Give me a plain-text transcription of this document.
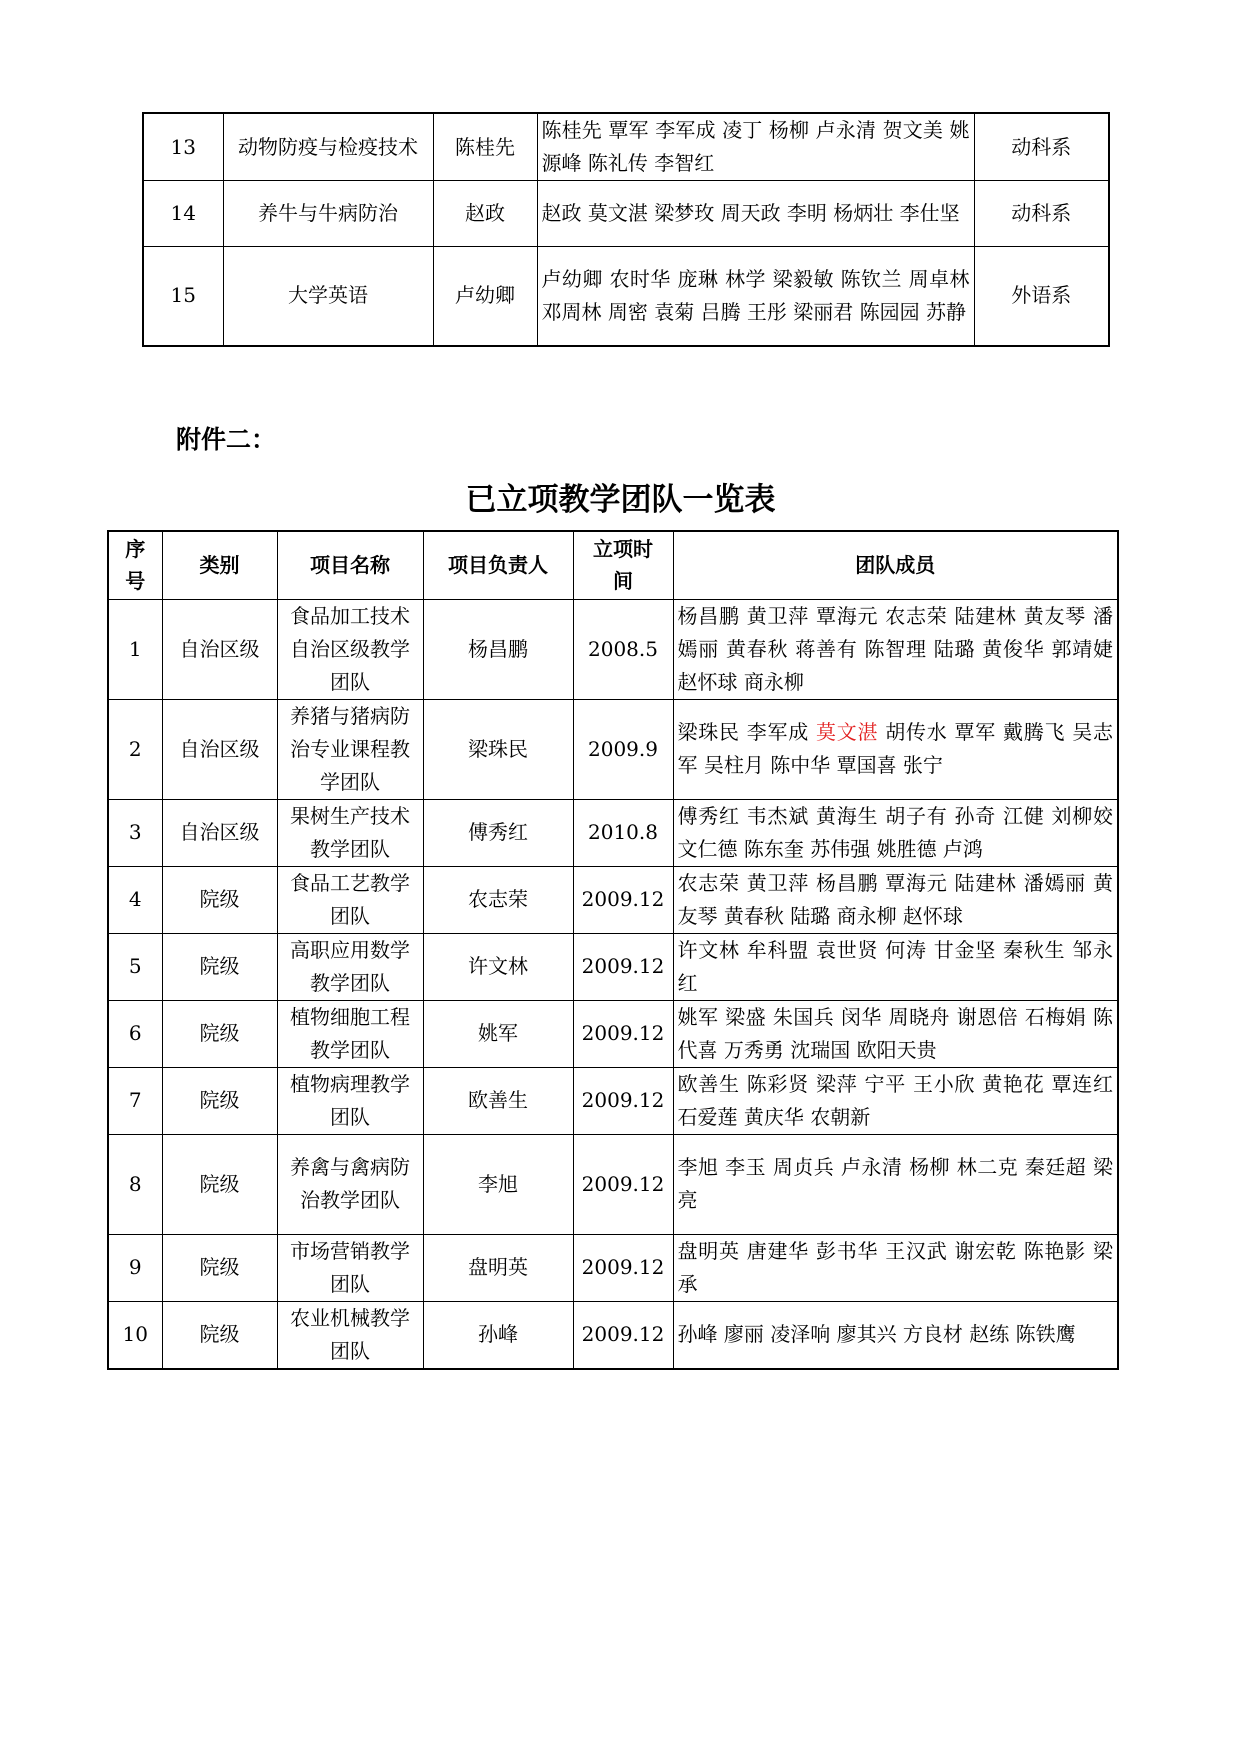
13	动物防疫与检疫技术	陈桂先	陈桂先 覃军 李军成 凌丁 杨柳 卢永清 贺文美 姚源峰 陈礼传 李智红	动科系
14	养牛与牛病防治	赵政	赵政 莫文湛 梁梦玫 周天政 李明 杨炳壮 李仕坚	动科系
15	大学英语	卢幼卿	卢幼卿 农时华 庞琳 林学 梁毅敏 陈钦兰 周卓林 邓周林 周密 袁菊 吕腾 王彤 梁丽君 陈园园 苏静	外语系
附件二：
已立项教学团队一览表
序号	类别	项目名称	项目负责人	立项时间	团队成员
1	自治区级	食品加工技术自治区级教学团队	杨昌鹏	2008.5	杨昌鹏 黄卫萍 覃海元 农志荣 陆建林 黄友琴 潘嫣丽 黄春秋 蒋善有 陈智理 陆璐 黄俊华 郭靖婕 赵怀球 商永柳
2	自治区级	养猪与猪病防治专业课程教学团队	梁珠民	2009.9	梁珠民 李军成 莫文湛 胡传水 覃军 戴腾飞 吴志军 吴柱月 陈中华 覃国喜 张宁
3	自治区级	果树生产技术教学团队	傅秀红	2010.8	傅秀红 韦杰斌 黄海生 胡子有 孙奇 江健 刘柳姣 文仁德 陈东奎 苏伟强 姚胜德 卢鸿
4	院级	食品工艺教学团队	农志荣	2009.12	农志荣 黄卫萍 杨昌鹏 覃海元 陆建林 潘嫣丽 黄友琴 黄春秋 陆璐 商永柳 赵怀球
5	院级	高职应用数学教学团队	许文林	2009.12	许文林 牟科盟 袁世贤 何涛 甘金坚 秦秋生 邹永红
6	院级	植物细胞工程教学团队	姚军	2009.12	姚军 梁盛 朱国兵 闵华 周晓舟 谢恩倍 石梅娟 陈代喜 万秀勇 沈瑞国 欧阳天贵
7	院级	植物病理教学团队	欧善生	2009.12	欧善生 陈彩贤 梁萍 宁平 王小欣 黄艳花 覃连红 石爱莲 黄庆华 农朝新
8	院级	养禽与禽病防治教学团队	李旭	2009.12	李旭 李玉 周贞兵 卢永清 杨柳 林二克 秦廷超 梁亮
9	院级	市场营销教学团队	盘明英	2009.12	盘明英 唐建华 彭书华 王汉武 谢宏乾 陈艳影 梁承
10	院级	农业机械教学团队	孙峰	2009.12	孙峰 廖丽 凌泽响 廖其兴 方良材 赵练 陈铁鹰
